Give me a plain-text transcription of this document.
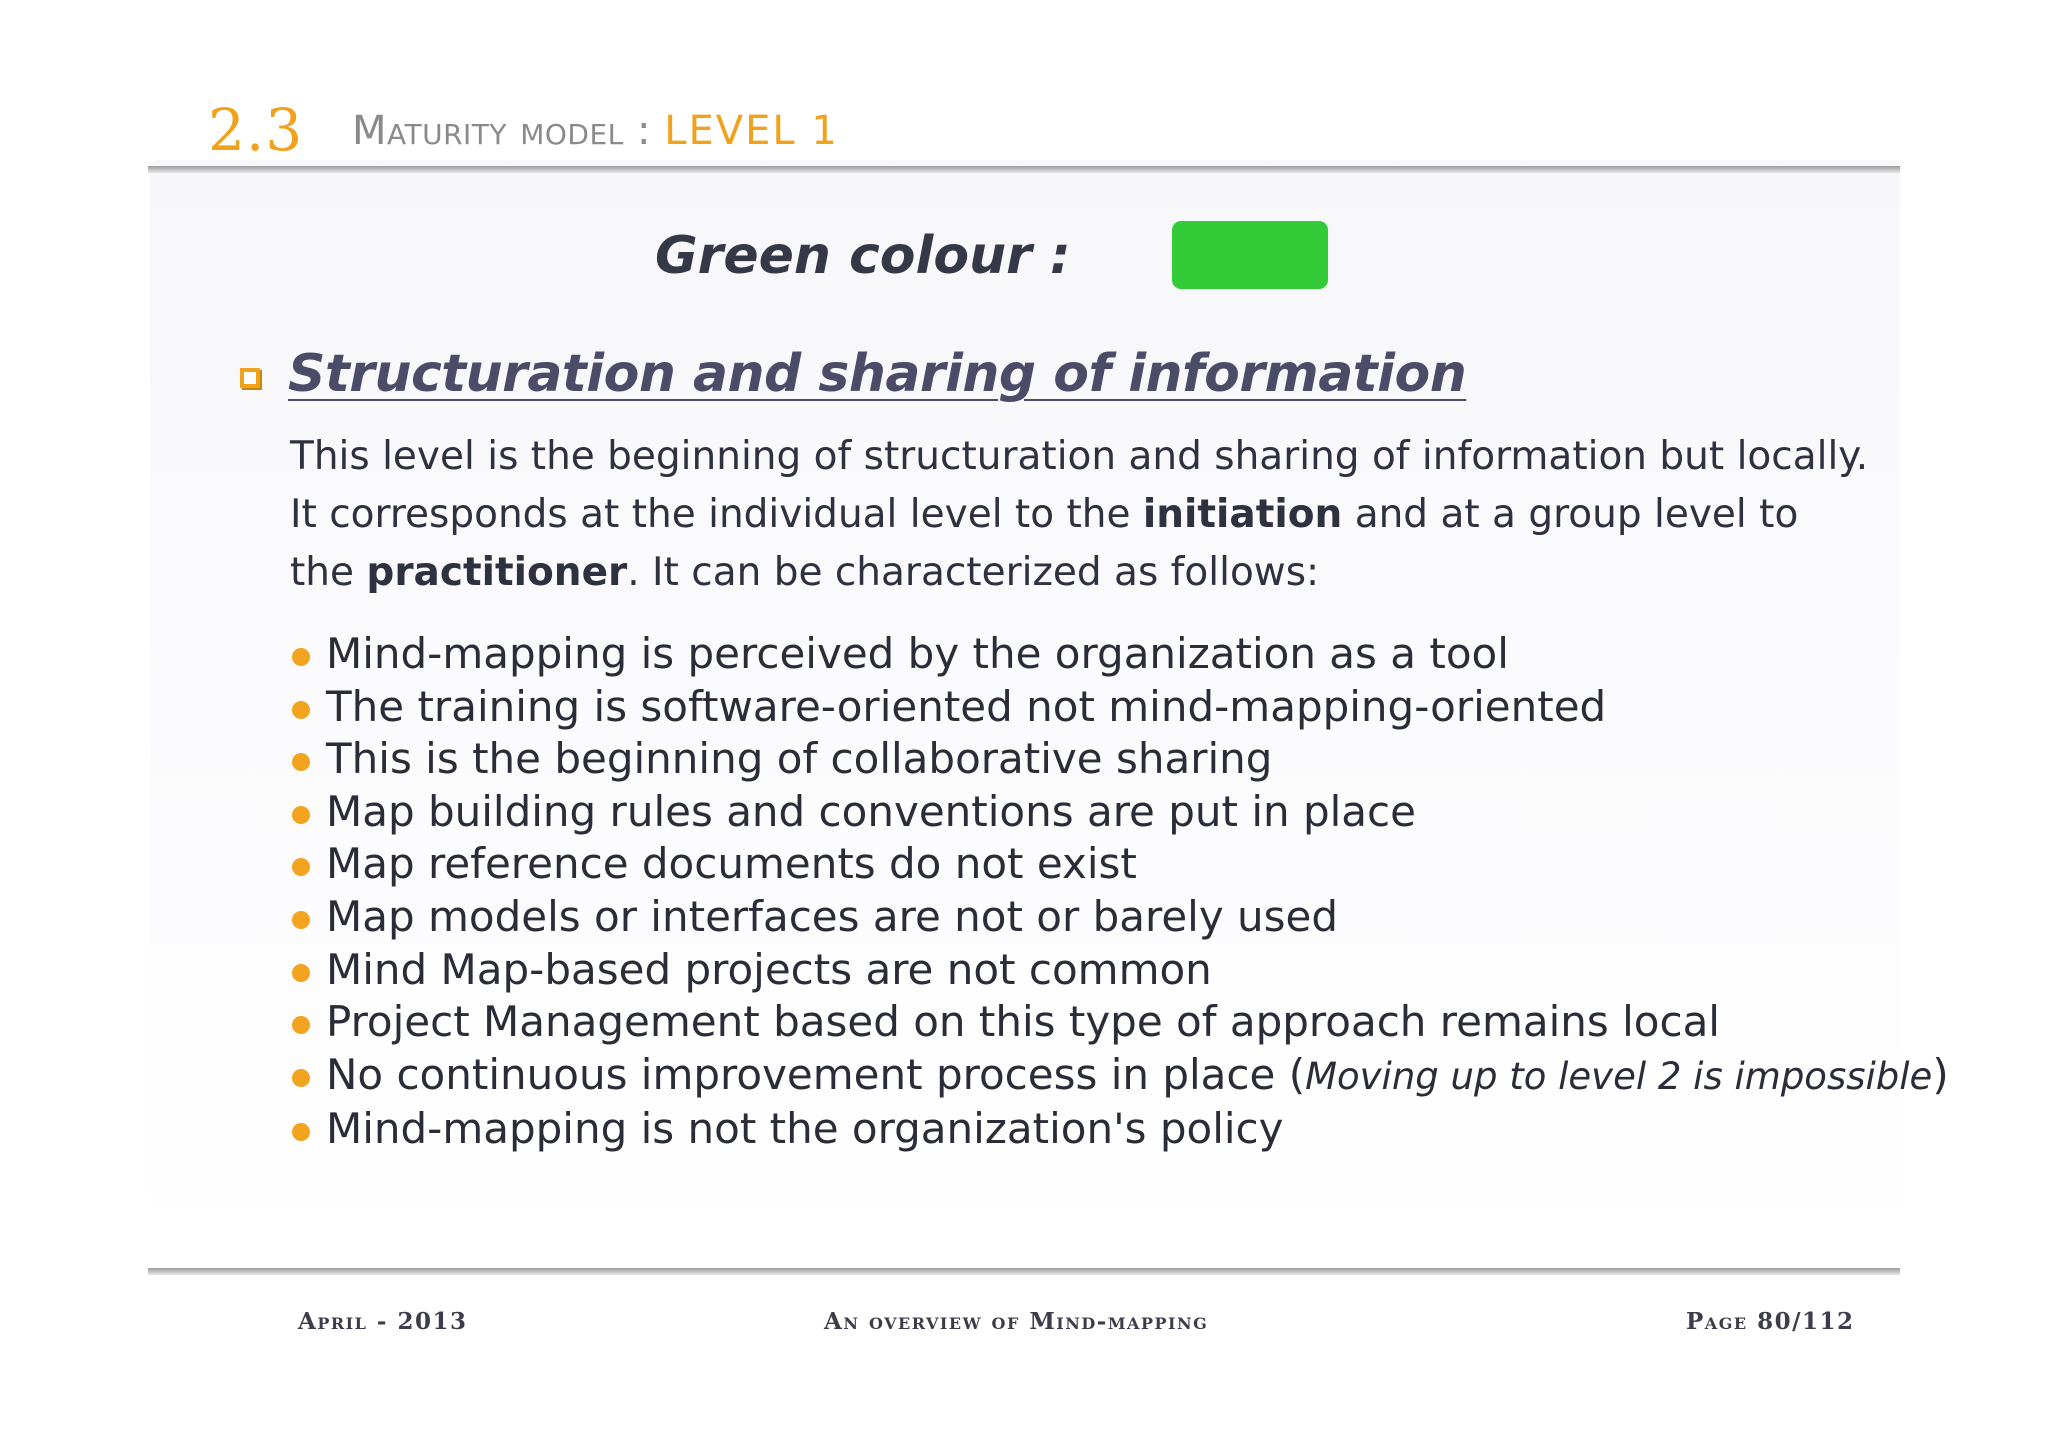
2.3 Maturity model : LEVEL 1
Green colour :
Structuration and sharing of information
This level is the beginning of structuration and sharing of information but locally. It corresponds at the individual level to the initiation and at a group level to the practitioner. It can be characterized as follows:
Mind-mapping is perceived by the organization as a tool
The training is software-oriented not mind-mapping-oriented
This is the beginning of collaborative sharing
Map building rules and conventions are put in place
Map reference documents do not exist
Map models or interfaces are not or barely used
Mind Map-based projects are not common
Project Management based on this type of approach remains local
No continuous improvement process in place (Moving up to level 2 is impossible)
Mind-mapping is not the organization's policy
April - 2013	An overview of Mind-mapping	Page 80/112
